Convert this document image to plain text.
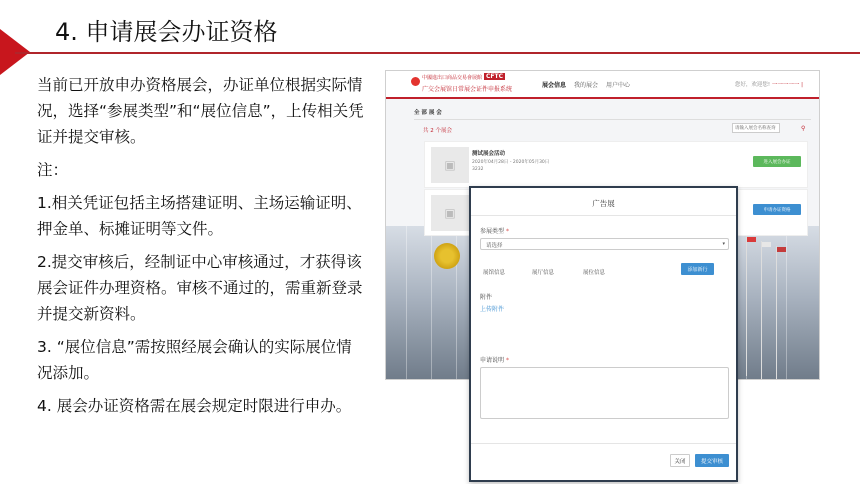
4. 申请展会办证资格

当前已开放申办资格展会，办证单位根据实际情况，选择“参展类型”和“展位信息”，上传相关凭证并提交审核。

注：

1.相关凭证包括主场搭建证明、主场运输证明、押金单、标摊证明等文件。

2.提交审核后，经制证中心审核通过，才获得该展会证件办理资格。审核不通过的，需重新登录并提交新资料。

3. “展位信息”需按照经展会确认的实际展位情况添加。

4. 展会办证资格需在展会规定时限进行申办。

中國進出口商品交易會展館 CFTC
广交会展馆日常展会证件申报系统
展会信息 我的展会 用户中心	您好，欢迎您! 一一一一一 |
全 部 展 会
共 2 个展会	请输入展会名称查询	⚲
▣
测试展会活动
2020年04月28日 - 2020年05月30日
3232
进入展会办证
▣	申请办证资格
广告展
参展类型 *
请选择	▾
添加新行
展馆信息	展厅信息	展位信息
附件
上传附件
申请说明 *
关闭	提交审核
